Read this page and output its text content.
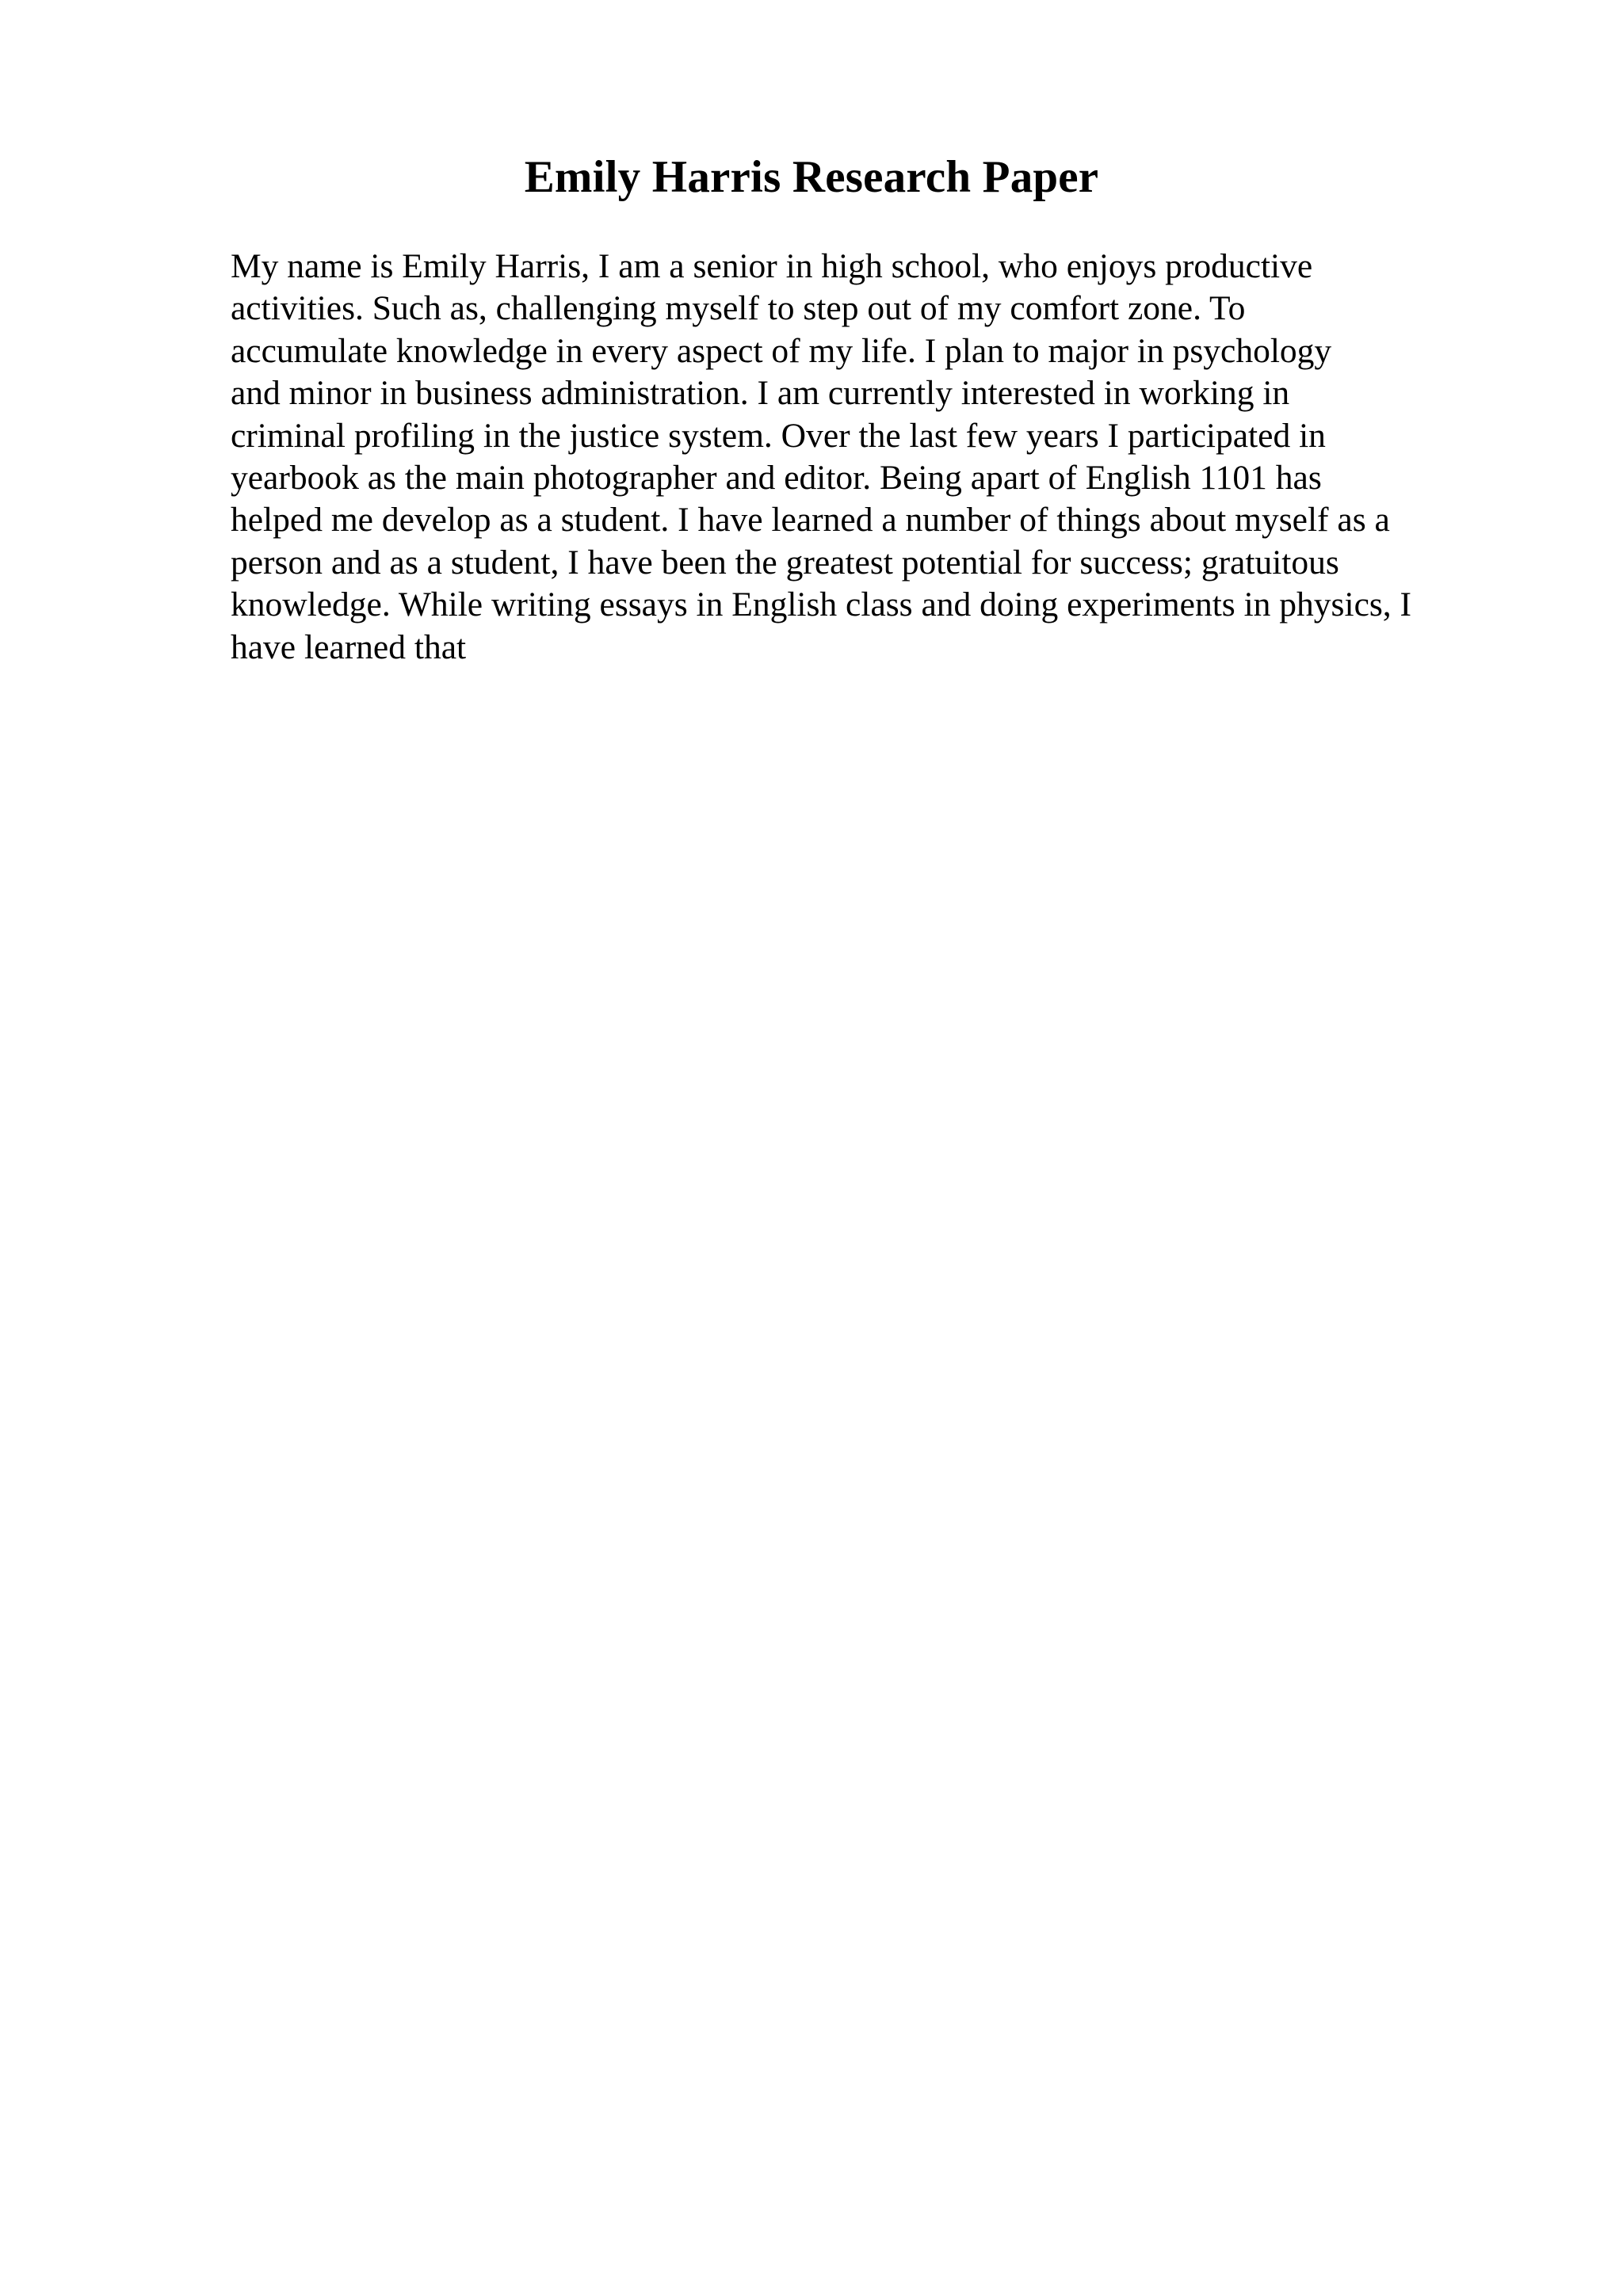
Emily Harris Research Paper
My name is Emily Harris, I am a senior in high school, who enjoys productive
activities. Such as, challenging myself to step out of my comfort zone. To
accumulate knowledge in every aspect of my life. I plan to major in psychology
and minor in business administration. I am currently interested in working in
criminal profiling in the justice system. Over the last few years I participated in
yearbook as the main photographer and editor. Being apart of English 1101 has
helped me develop as a student. I have learned a number of things about myself as a
person and as a student, I have been the greatest potential for success; gratuitous
knowledge. While writing essays in English class and doing experiments in physics, I
have learned that
